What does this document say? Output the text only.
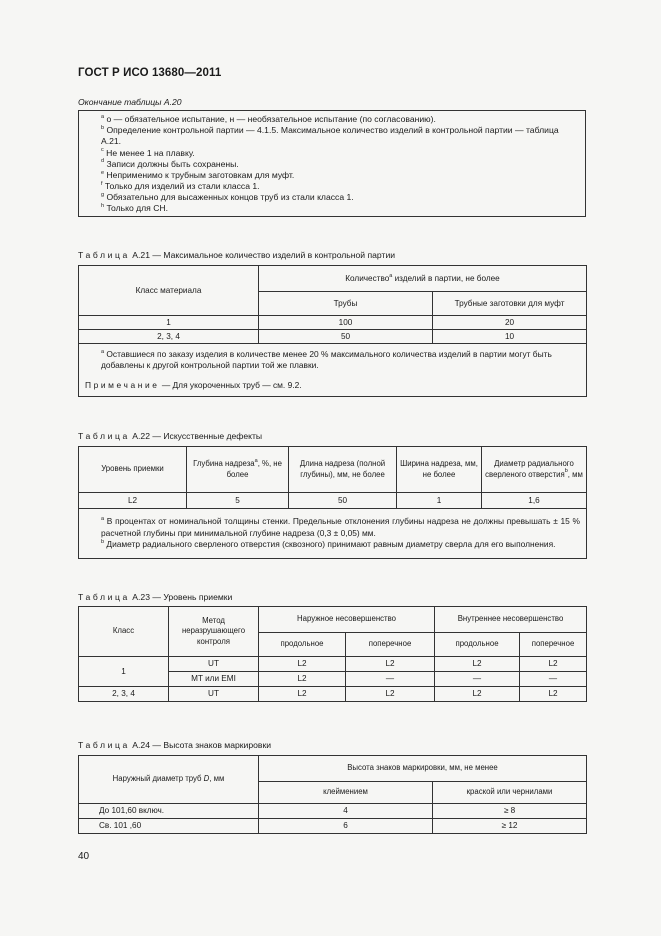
ГОСТ Р ИСО 13680—2011
Окончание таблицы А.20

$^a$ о — обязательное испытание, н — необязательное испытание (по согласованию).

$^b$ Определение контрольной партии — 4.1.5. Максимальное количество изделий в контрольной партии — таблица А.21.

$^c$ Не менее 1 на плавку.

$^d$ Записи должны быть сохранены.

$^e$ Неприменимо к трубным заготовкам для муфт.

$^f$ Только для изделий из стали класса 1.

$^g$ Обязательно для высаженных концов труб из стали класса 1.

$^h$ Только для СН.

Таблица А.21 — Максимальное количество изделий в контрольной партии
Класс материала	Количество$^а$ изделий в партии, не более	
	Трубы	Трубные заготовки для муфт
1	100	20
2, 3, 4	50	10

$^а$ Оставшиеся по заказу изделия в количестве менее 20 % максимального количества изделий в партии могут быть добавлены к другой контрольной партии той же плавки.

Примечание — Для укороченных труб — см. 9.2.		

Таблица А.22 — Искусственные дефекты
Уровень приемки	Глубина надреза$^а$, %, не более	Длина надреза (полной глубины), мм, не более	Ширина надреза, мм, не более	Диаметр радиального сверленого отверстия$^b$, мм
L2	5	50	1	1,6

$^а$ В процентах от номинальной толщины стенки. Предельные отклонения глубины надреза не должны превышать ± 15 % расчетной глубины при минимальной глубине надреза (0,3 ± 0,05) мм.

$^b$ Диаметр радиального сверленого отверстия (сквозного) принимают равным диаметру сверла для его выполнения.				

Таблица А.23 — Уровень приемки
Класс	Метод неразрушающего контроля	Наружное несовершенство		Внутреннее несовершенство	
		продольное	поперечное	продольное	поперечное
1	UT	L2	L2	L2	L2
	MT или EMI	L2	—	—	—
2, 3, 4	UT	L2	L2	L2	L2
Таблица А.24 — Высота знаков маркировки
Наружный диаметр труб D, мм	Высота знаков маркировки, мм, не менее	
	клеймением	краской или чернилами
До 101,60 включ.	4	≥ 8
Св. 101 ,60	6	≥ 12
40
